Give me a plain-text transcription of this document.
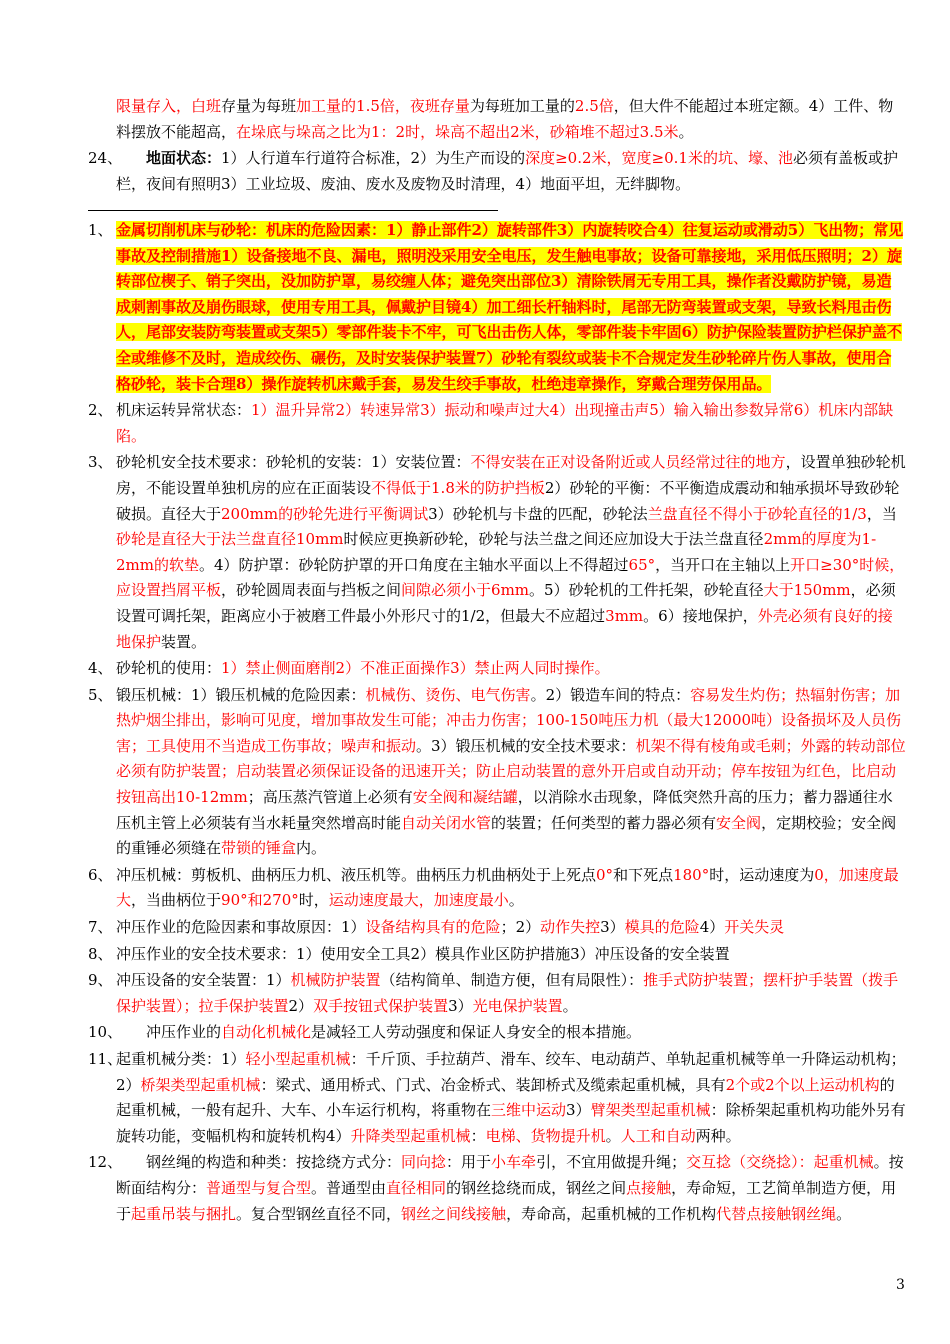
限量存入，白班存量为每班加工量的1.5倍，夜班存量为每班加工量的2.5倍，但大件不能超过本班定额。4）工件、物料摆放不能超高，在垛底与垛高之比为1：2时，垛高不超出2米，砂箱堆不超过3.5米。
24、
　　地面状态：1）人行道车行道符合标准，2）为生产而设的深度≥0.2米，宽度≥0.1米的坑、壕、池必须有盖板或护栏，夜间有照明3）工业垃圾、废油、废水及废物及时清理，4）地面平坦，无绊脚物。
1、 金属切削机床与砂轮：机床的危险因素：1）静止部件2）旋转部件3）内旋转咬合4）往复运动或滑动5）飞出物；常见事故及控制措施1）设备接地不良、漏电，照明没采用安全电压，发生触电事故；设备可靠接地，采用低压照明；2）旋转部位楔子、销子突出，没加防护罩，易绞缠人体；避免突出部位3）清除铁屑无专用工具，操作者没戴防护镜，易造成刺割事故及崩伤眼球，使用专用工具，佩戴护目镜4）加工细长杆轴料时，尾部无防弯装置或支架，导致长料甩击伤人，尾部安装防弯装置或支架5）零部件装卡不牢，可飞出击伤人体，零部件装卡牢固6）防护保险装置防护栏保护盖不全或维修不及时，造成绞伤、碾伤，及时安装保护装置7）砂轮有裂纹或装卡不合规定发生砂轮碎片伤人事故，使用合格砂轮，装卡合理8）操作旋转机床戴手套，易发生绞手事故，杜绝违章操作，穿戴合理劳保用品。
2、 机床运转异常状态：1）温升异常2）转速异常3）振动和噪声过大4）出现撞击声5）输入输出参数异常6）机床内部缺陷。
3、 砂轮机安全技术要求：砂轮机的安装：1）安装位置：不得安装在正对设备附近或人员经常过往的地方，设置单独砂轮机房，不能设置单独机房的应在正面装设不得低于1.8米的防护挡板2）砂轮的平衡：不平衡造成震动和轴承损坏导致砂轮破损。直径大于200mm的砂轮先进行平衡调试3）砂轮机与卡盘的匹配，砂轮法兰盘直径不得小于砂轮直径的1/3，当砂轮是直径大于法兰盘直径10mm时候应更换新砂轮，砂轮与法兰盘之间还应加设大于法兰盘直径2mm的厚度为1-2mm的软垫。4）防护罩：砂轮防护罩的开口角度在主轴水平面以上不得超过65°，当开口在主轴以上开口≥30°时候，应设置挡屑平板，砂轮圆周表面与挡板之间间隙必须小于6mm。5）砂轮机的工件托架，砂轮直径大于150mm，必须设置可调托架，距离应小于被磨工件最小外形尺寸的1/2，但最大不应超过3mm。6）接地保护，外壳必须有良好的接地保护装置。
4、 砂轮机的使用：1）禁止侧面磨削2）不准正面操作3）禁止两人同时操作。
5、 锻压机械：1）锻压机械的危险因素：机械伤、烫伤、电气伤害。2）锻造车间的特点：容易发生灼伤；热辐射伤害；加热炉烟尘排出，影响可见度，增加事故发生可能；冲击力伤害；100-150吨压力机（最大12000吨）设备损坏及人员伤害；工具使用不当造成工伤事故；噪声和振动。3）锻压机械的安全技术要求：机架不得有棱角或毛刺；外露的转动部位必须有防护装置；启动装置必须保证设备的迅速开关；防止启动装置的意外开启或自动开动；停车按钮为红色，比启动按钮高出10-12mm；高压蒸汽管道上必须有安全阀和凝结罐，以消除水击现象，降低突然升高的压力；蓄力器通往水压机主管上必须装有当水耗量突然增高时能自动关闭水管的装置；任何类型的蓄力器必须有安全阀，定期校验；安全阀的重锤必须缝在带锁的锤盒内。
6、 冲压机械：剪板机、曲柄压力机、液压机等。曲柄压力机曲柄处于上死点0°和下死点180°时，运动速度为0，加速度最大，当曲柄位于90°和270°时，运动速度最大，加速度最小。
7、 冲压作业的危险因素和事故原因：1）设备结构具有的危险；2）动作失控3）模具的危险4）开关失灵
8、 冲压作业的安全技术要求：1）使用安全工具2）模具作业区防护措施3）冲压设备的安全装置
9、 冲压设备的安全装置：1）机械防护装置（结构简单、制造方便，但有局限性）：推手式防护装置；摆杆护手装置（拨手保护装置）；拉手保护装置2）双手按钮式保护装置3）光电保护装置。
10、
　　冲压作业的自动化机械化是减轻工人劳动强度和保证人身安全的根本措施。
11、
起重机械分类：1）轻小型起重机械：千斤顶、手拉葫芦、滑车、绞车、电动葫芦、单轨起重机械等单一升降运动机构；2）桥架类型起重机械：梁式、通用桥式、门式、冶金桥式、装卸桥式及缆索起重机械，具有2个或2个以上运动机构的起重机械，一般有起升、大车、小车运行机构，将重物在三维中运动3）臂架类型起重机械：除桥架起重机构功能外另有旋转功能，变幅机构和旋转机构4）升降类型起重机械：电梯、货物提升机。人工和自动两种。
12、
　　钢丝绳的构造和种类：按捻绕方式分：同向捻：用于小车牵引，不宜用做提升绳；交互捻（交绕捻）：起重机械。按断面结构分：普通型与复合型。普通型由直径相同的钢丝捻绕而成，钢丝之间点接触，寿命短，工艺简单制造方便，用于起重吊装与捆扎。复合型钢丝直径不同，钢丝之间线接触，寿命高，起重机械的工作机构代替点接触钢丝绳。
3
